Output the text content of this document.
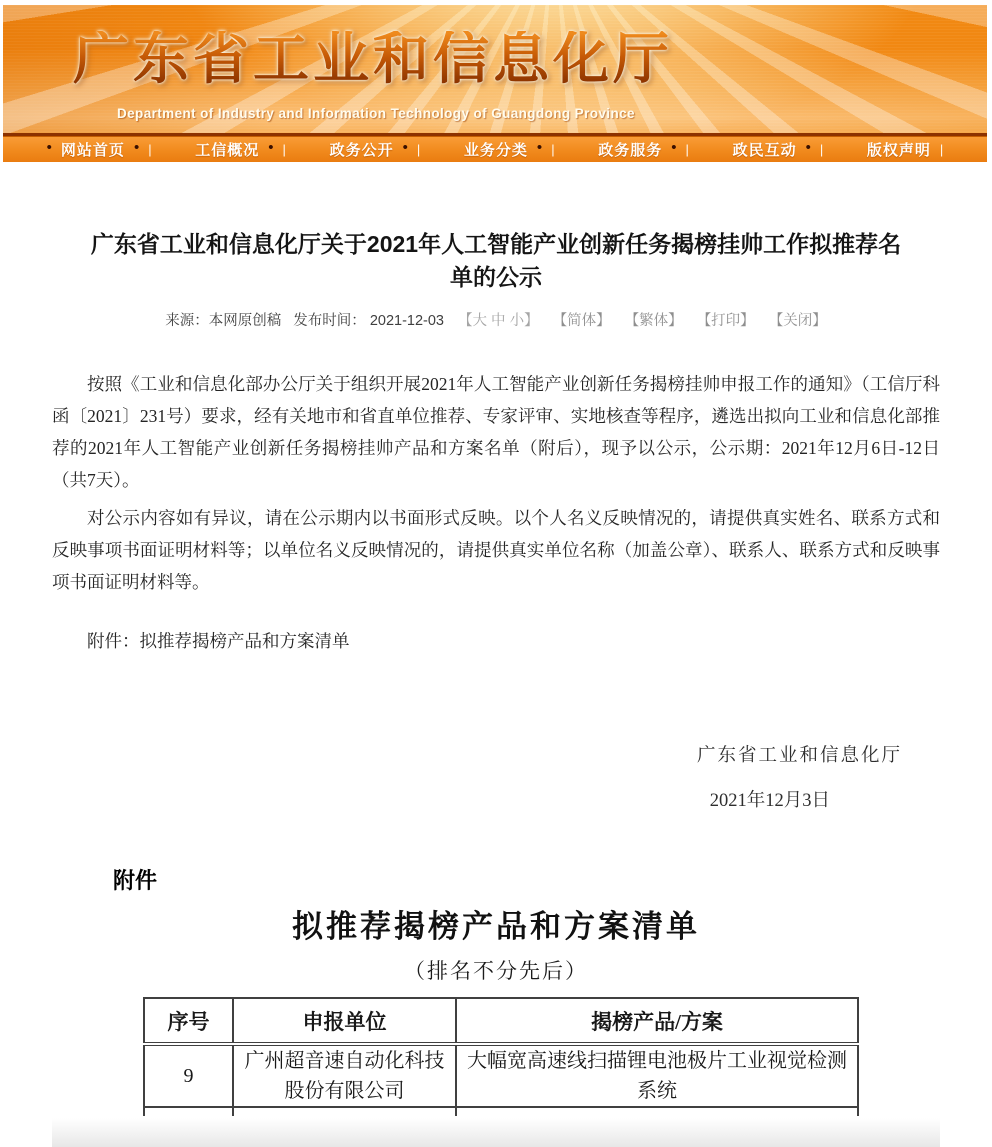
广东省工业和信息化厅
Department of Industry and Information Technology of Guangdong Province
• 网站首页 • |	工信概况 • |	政务公开 • |	业务分类 • |	政务服务 • |	政民互动 • |	版权声明 |
广东省工业和信息化厅关于2021年人工智能产业创新任务揭榜挂帅工作拟推荐名单的公示
来源：本网原创稿 发布时间： 2021-12-03 【大 中 小】 【简体】 【繁体】 【打印】 【关闭】

按照《工业和信息化部办公厅关于组织开展2021年人工智能产业创新任务揭榜挂帅申报工作的通知》（工信厅科函〔2021〕231号）要求，经有关地市和省直单位推荐、专家评审、实地核查等程序，遴选出拟向工业和信息化部推荐的2021年人工智能产业创新任务揭榜挂帅产品和方案名单（附后），现予以公示，公示期：2021年12月6日-12日（共7天）。

对公示内容如有异议，请在公示期内以书面形式反映。以个人名义反映情况的，请提供真实姓名、联系方式和反映事项书面证明材料等；以单位名义反映情况的，请提供真实单位名称（加盖公章）、联系人、联系方式和反映事项书面证明材料等。

附件：拟推荐揭榜产品和方案清单
广东省工业和信息化厅
2021年12月3日
附件
拟推荐揭榜产品和方案清单
（排名不分先后）
序号	申报单位	揭榜产品/方案
9	广州超音速自动化科技股份有限公司	大幅宽高速线扫描锂电池极片工业视觉检测系统
